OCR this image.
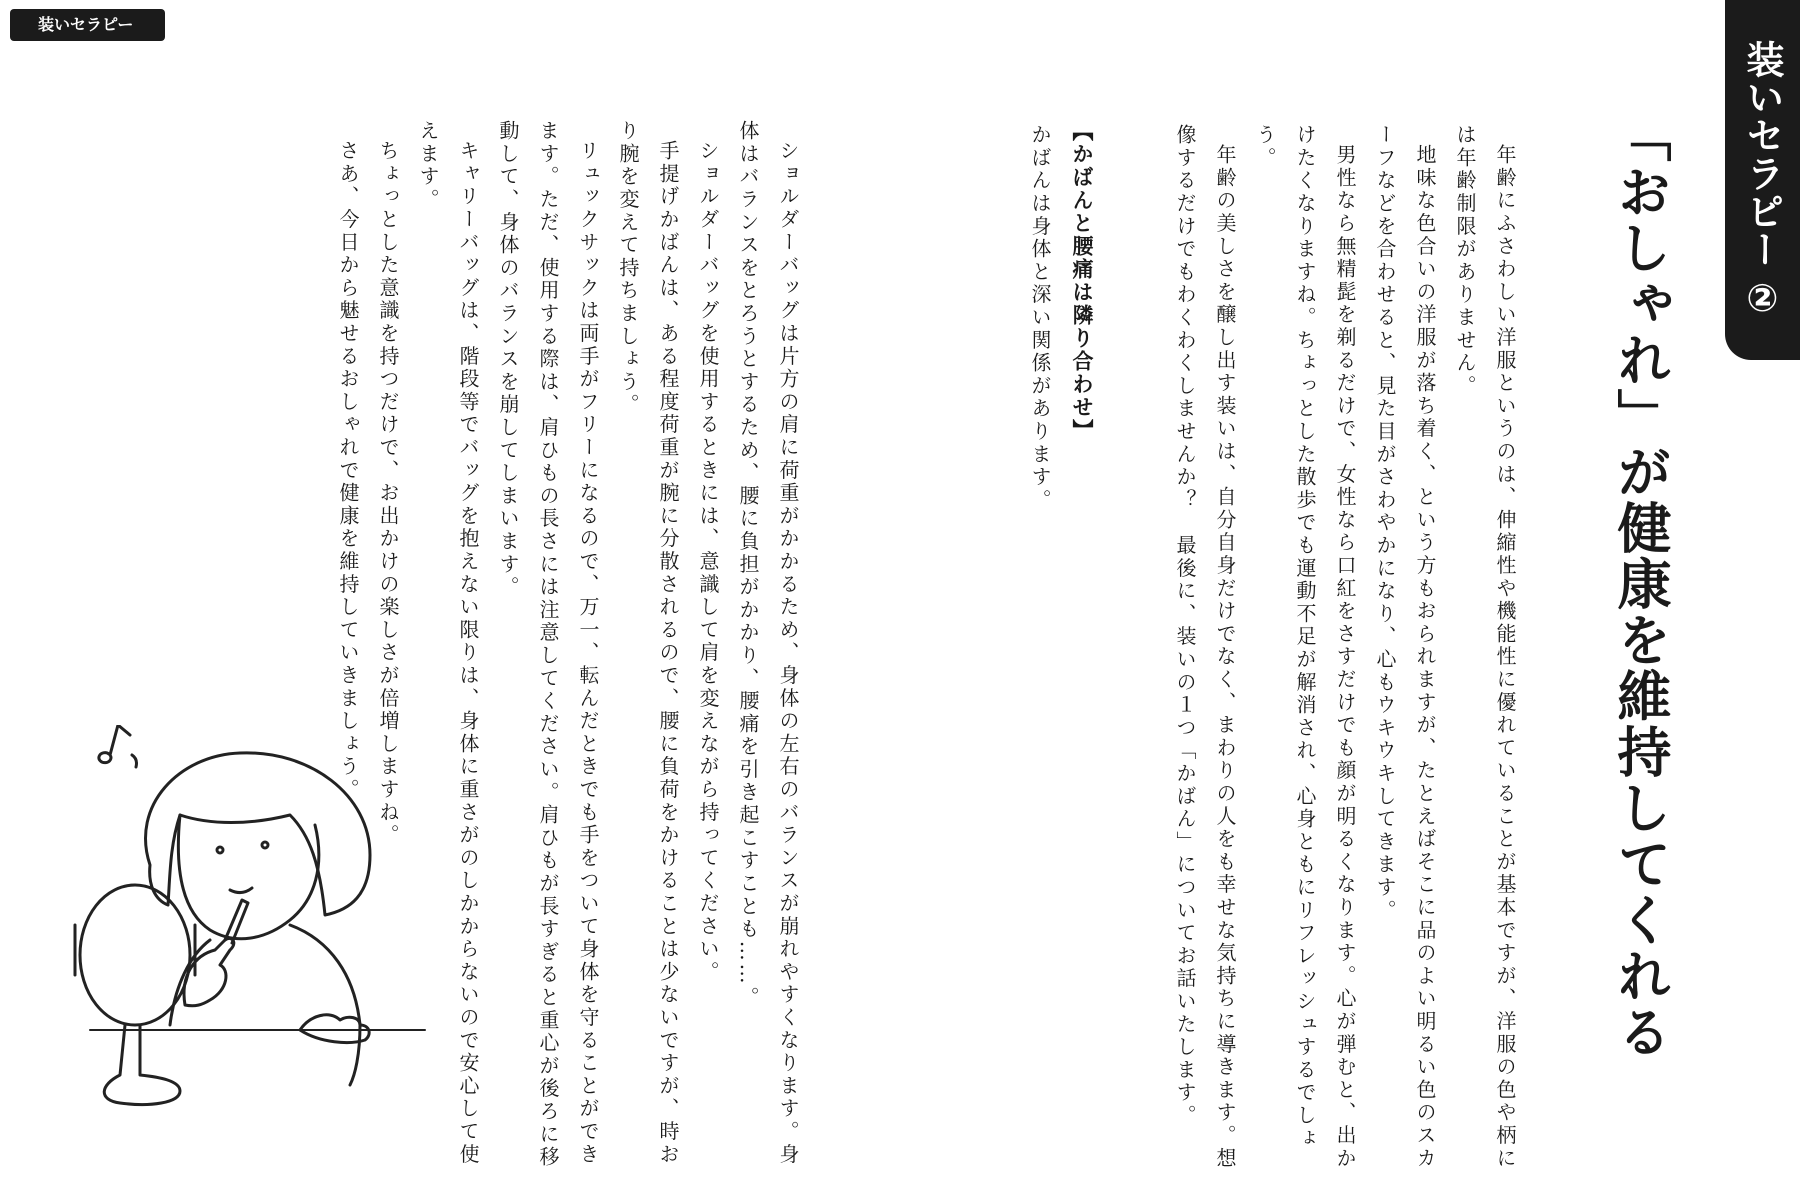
装いセラピー
装いセラピー
②
「おしゃれ」が健康を維持してくれる
年齢にふさわしい洋服というのは、伸縮性や機能性に優れていることが基本ですが、洋服の色や柄には年齢制限がありません。
地味な色合いの洋服が落ち着く、という方もおられますが、たとえばそこに品のよい明るい色のスカーフなどを合わせると、見た目がさわやかになり、心もウキウキしてきます。
男性なら無精髭を剃るだけで、女性なら口紅をさすだけでも顔が明るくなります。心が弾むと、出かけたくなりますね。ちょっとした散歩でも運動不足が解消され、心身ともにリフレッシュするでしょう。
年齢の美しさを醸し出す装いは、自分自身だけでなく、まわりの人をも幸せな気持ちに導きます。想像するだけでもわくわくしませんか？　最後に、装いの１つ「かばん」についてお話いたします。
【かばんと腰痛は隣り合わせ】
かばんは身体と深い関係があります。
ショルダーバッグは片方の肩に荷重がかかるため、身体の左右のバランスが崩れやすくなります。身体はバランスをとろうとするため、腰に負担がかかり、腰痛を引き起こすことも……。
ショルダーバッグを使用するときには、意識して肩を変えながら持ってください。
手提げかばんは、ある程度荷重が腕に分散されるので、腰に負荷をかけることは少ないですが、時おり腕を変えて持ちましょう。
リュックサックは両手がフリーになるので、万一、転んだときでも手をついて身体を守ることができます。ただ、使用する際は、肩ひもの長さには注意してください。肩ひもが長すぎると重心が後ろに移動して、身体のバランスを崩してしまいます。
キャリーバッグは、階段等でバッグを抱えない限りは、身体に重さがのしかからないので安心して使えます。
ちょっとした意識を持つだけで、お出かけの楽しさが倍増しますね。
さあ、今日から魅せるおしゃれで健康を維持していきましょう。
